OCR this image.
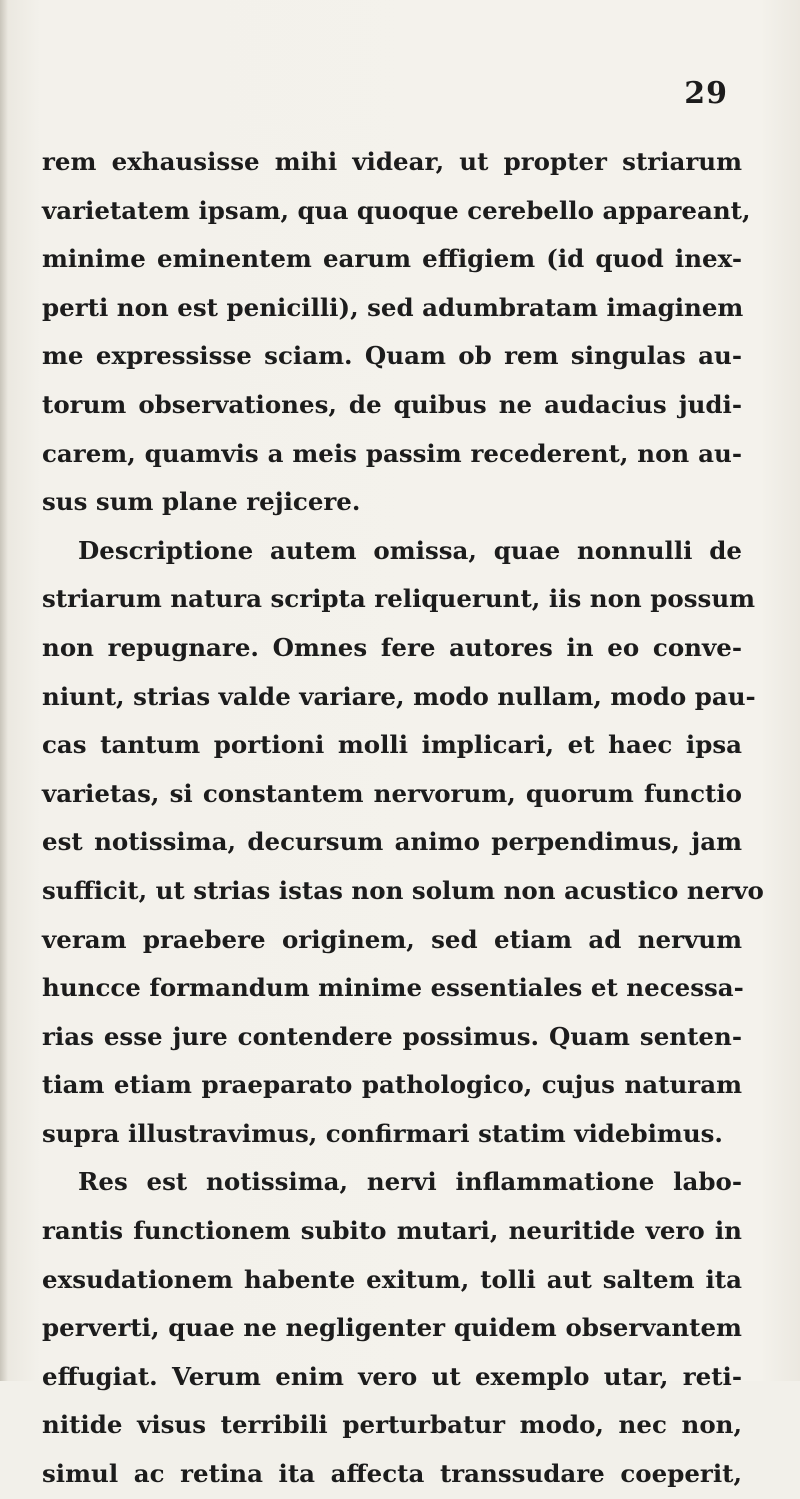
29
rem exhausisse mihi videar, ut propter striarum
varietatem ipsam, qua quoque cerebello appareant,
minime eminentem earum effigiem (id quod inex-
perti non est penicilli), sed adumbratam imaginem
me expressisse sciam. Quam ob rem singulas au-
torum observationes, de quibus ne audacius judi-
carem, quamvis a meis passim recederent, non au-
sus sum plane rejicere.
Descriptione autem omissa, quae nonnulli de
striarum natura scripta reliquerunt, iis non possum
non repugnare. Omnes fere autores in eo conve-
niunt, strias valde variare, modo nullam, modo pau-
cas tantum portioni molli implicari, et haec ipsa
varietas, si constantem nervorum, quorum functio
est notissima, decursum animo perpendimus, jam
sufficit, ut strias istas non solum non acustico nervo
veram praebere originem, sed etiam ad nervum
huncce formandum minime essentiales et necessa-
rias esse jure contendere possimus. Quam senten-
tiam etiam praeparato pathologico, cujus naturam
supra illustravimus, confirmari statim videbimus.
Res est notissima, nervi inflammatione labo-
rantis functionem subito mutari, neuritide vero in
exsudationem habente exitum, tolli aut saltem ita
perverti, quae ne negligenter quidem observantem
effugiat. Verum enim vero ut exemplo utar, reti-
nitide visus terribili perturbatur modo, nec non,
simul ac retina ita affecta transsudare coeperit,
